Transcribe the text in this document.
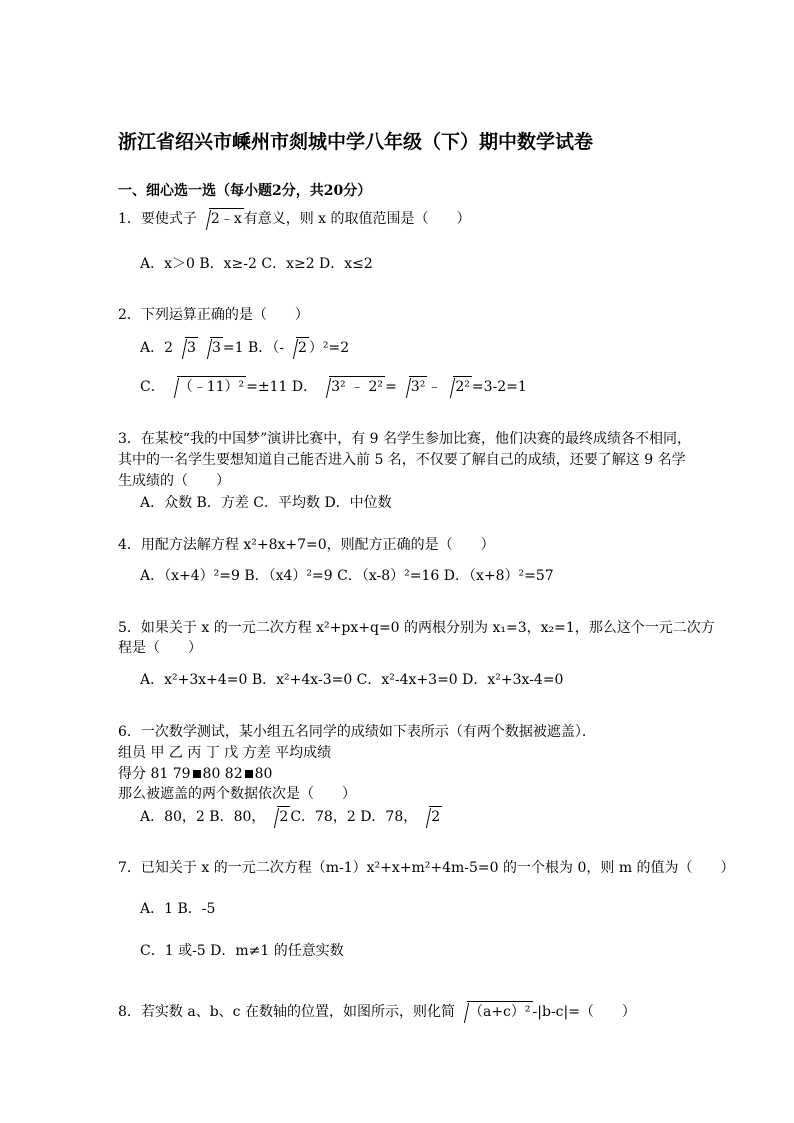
浙江省绍兴市嵊州市剡城中学八年级（下）期中数学试卷
一、细心选一选（每小题2分，共20分）
1．要使式子 2﹣x 有意义，则 x 的取值范围是（　　）
A．x＞0 B．x≥-2 C．x≥2 D．x≤2
2．下列运算正确的是（　　）
A．2 3 3 =1 B．（- 2 ）²=2
C． （﹣11）² =±11 D． 3² ﹣ 2² = 3² ﹣ 2² =3-2=1
3．在某校“我的中国梦”演讲比赛中，有 9 名学生参加比赛，他们决赛的最终成绩各不相同，
其中的一名学生要想知道自己能否进入前 5 名，不仅要了解自己的成绩，还要了解这 9 名学
生成绩的（　　）
A．众数 B．方差 C．平均数 D．中位数
4．用配方法解方程 x²+8x+7=0，则配方正确的是（　　）
A．（x+4）²=9 B．（x4）²=9 C．（x-8）²=16 D．（x+8）²=57
5．如果关于 x 的一元二次方程 x²+px+q=0 的两根分别为 x₁=3，x₂=1，那么这个一元二次方
程是（　　）
A．x²+3x+4=0 B．x²+4x-3=0 C．x²-4x+3=0 D．x²+3x-4=0
6．一次数学测试，某小组五名同学的成绩如下表所示（有两个数据被遮盖）．
组员 甲 乙 丙 丁 戊 方差 平均成绩
得分 81 79 80 82 80
那么被遮盖的两个数据依次是（　　）
A．80，2 B．80， 2 C．78，2 D．78， 2
7．已知关于 x 的一元二次方程（m-1）x²+x+m²+4m-5=0 的一个根为 0，则 m 的值为（　　）
A．1 B．-5
C．1 或-5 D．m≠1 的任意实数
8．若实数 a、b、c 在数轴的位置，如图所示，则化简 （a+c）² -|b-c|=（　　）
